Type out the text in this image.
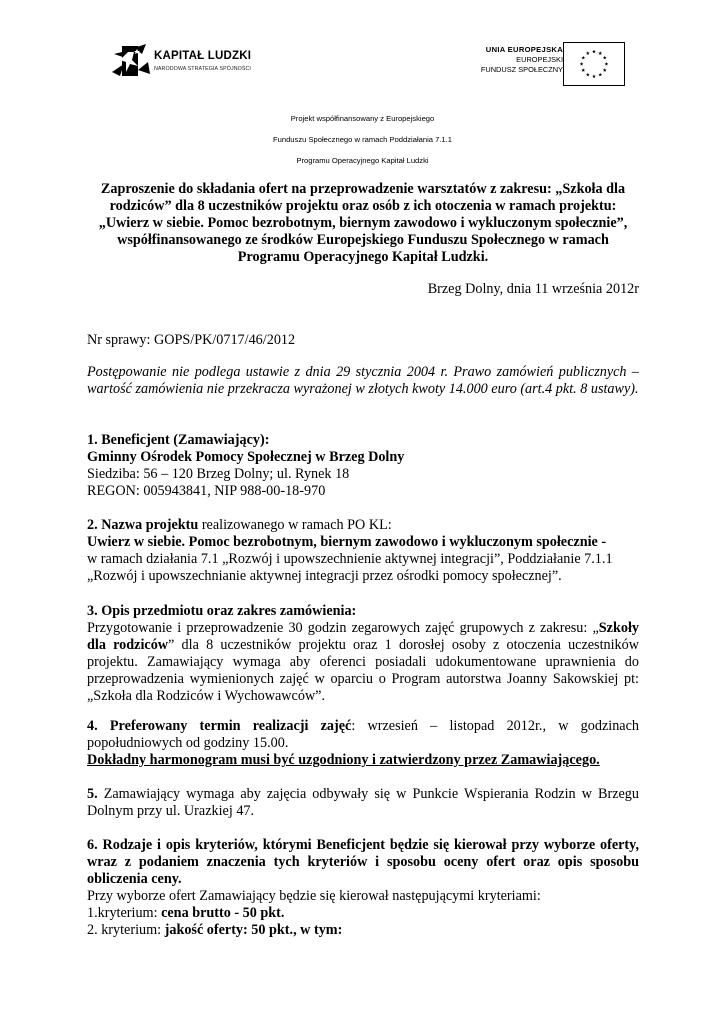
KAPITAŁ LUDZKI
NARODOWA STRATEGIA SPÓJNOŚCI
UNIA EUROPEJSKA
EUROPEJSKI
FUNDUSZ SPOŁECZNY
Projekt współfinansowany z Europejskiego
Funduszu Społecznego w ramach Poddziałania 7.1.1
Programu Operacyjnego Kapitał Ludzki
Zaproszenie do składania ofert na przeprowadzenie warsztatów z zakresu: „Szkoła dla rodziców” dla 8 uczestników projektu oraz osób z ich otoczenia w ramach projektu: „Uwierz w siebie. Pomoc bezrobotnym, biernym zawodowo i wykluczonym społecznie”, współfinansowanego ze środków Europejskiego Funduszu Społecznego w ramach Programu Operacyjnego Kapitał Ludzki.
Brzeg Dolny, dnia 11 września 2012r
Nr sprawy: GOPS/PK/0717/46/2012
Postępowanie nie podlega ustawie z dnia 29 stycznia 2004 r. Prawo zamówień publicznych – wartość zamówienia nie przekracza wyrażonej w złotych kwoty 14.000 euro (art.4 pkt. 8 ustawy).

1. Beneficjent (Zamawiający):

Gminny Ośrodek Pomocy Społecznej w Brzeg Dolny

Siedziba: 56 – 120 Brzeg Dolny; ul. Rynek 18

REGON: 005943841, NIP 988-00-18-970

2. Nazwa projektu realizowanego w ramach PO KL:

Uwierz w siebie. Pomoc bezrobotnym, biernym zawodowo i wykluczonym społecznie -

w ramach działania 7.1 „Rozwój i upowszechnienie aktywnej integracji”, Poddziałanie 7.1.1

„Rozwój i upowszechnianie aktywnej integracji przez ośrodki pomocy społecznej”.

3. Opis przedmiotu oraz zakres zamówienia:

Przygotowanie i przeprowadzenie 30 godzin zegarowych zajęć grupowych z zakresu: „Szkoły dla rodziców” dla 8 uczestników projektu oraz 1 dorosłej osoby z otoczenia uczestników projektu. Zamawiający wymaga aby oferenci posiadali udokumentowane uprawnienia do przeprowadzenia wymienionych zajęć w oparciu o Program autorstwa Joanny Sakowskiej pt: „Szkoła dla Rodziców i Wychowawców”.

4. Preferowany termin realizacji zajęć: wrzesień – listopad 2012r., w godzinach popołudniowych od godziny 15.00.

Dokładny harmonogram musi być uzgodniony i zatwierdzony przez Zamawiającego.

5. Zamawiający wymaga aby zajęcia odbywały się w Punkcie Wspierania Rodzin w Brzegu Dolnym przy ul. Urazkiej 47.

6. Rodzaje i opis kryteriów, którymi Beneficjent będzie się kierował przy wyborze oferty, wraz z podaniem znaczenia tych kryteriów i sposobu oceny ofert oraz opis sposobu obliczenia ceny.

Przy wyborze ofert Zamawiający będzie się kierował następującymi kryteriami:

1.kryterium: cena brutto - 50 pkt.

2. kryterium: jakość oferty: 50 pkt., w tym:
